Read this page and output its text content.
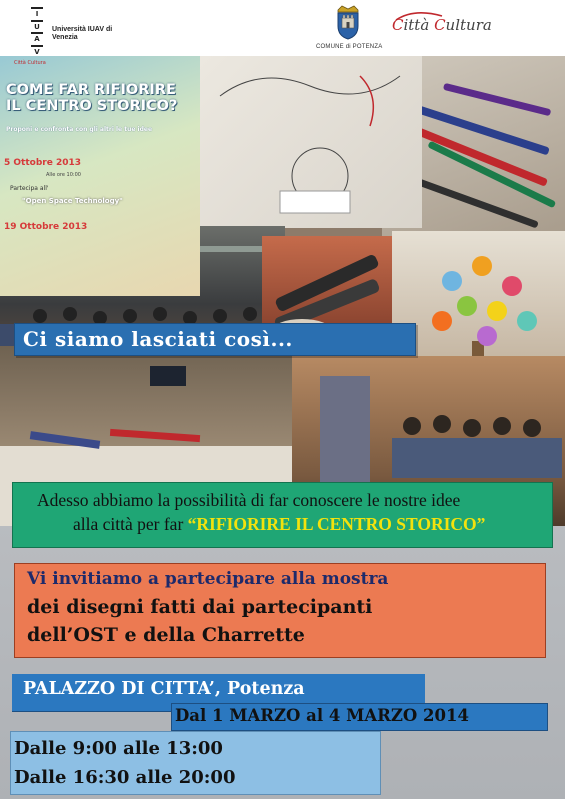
I
U
A
V
Università IUAV di
Venezia
COMUNE di POTENZA
Città Cultura
Città Cultura
COME FAR RIFIORIRE
IL CENTRO STORICO?
Proponi e confronta con gli altri le tue idee
5 Ottobre 2013
Alle ore 10:00
Partecipa all'
"Open Space Technology"
19 Ottobre 2013
Ci siamo lasciati così...
Adesso abbiamo la possibilità di far conoscere le nostre idee
alla città per far “RIFIORIRE IL CENTRO STORICO”
Vi invitiamo a partecipare alla mostra
dei disegni fatti dai partecipanti
dell’OST e della Charrette
PALAZZO DI CITTA’, Potenza
Dal 1 MARZO al 4 MARZO 2014
Dalle 9:00 alle 13:00
Dalle 16:30 alle 20:00
